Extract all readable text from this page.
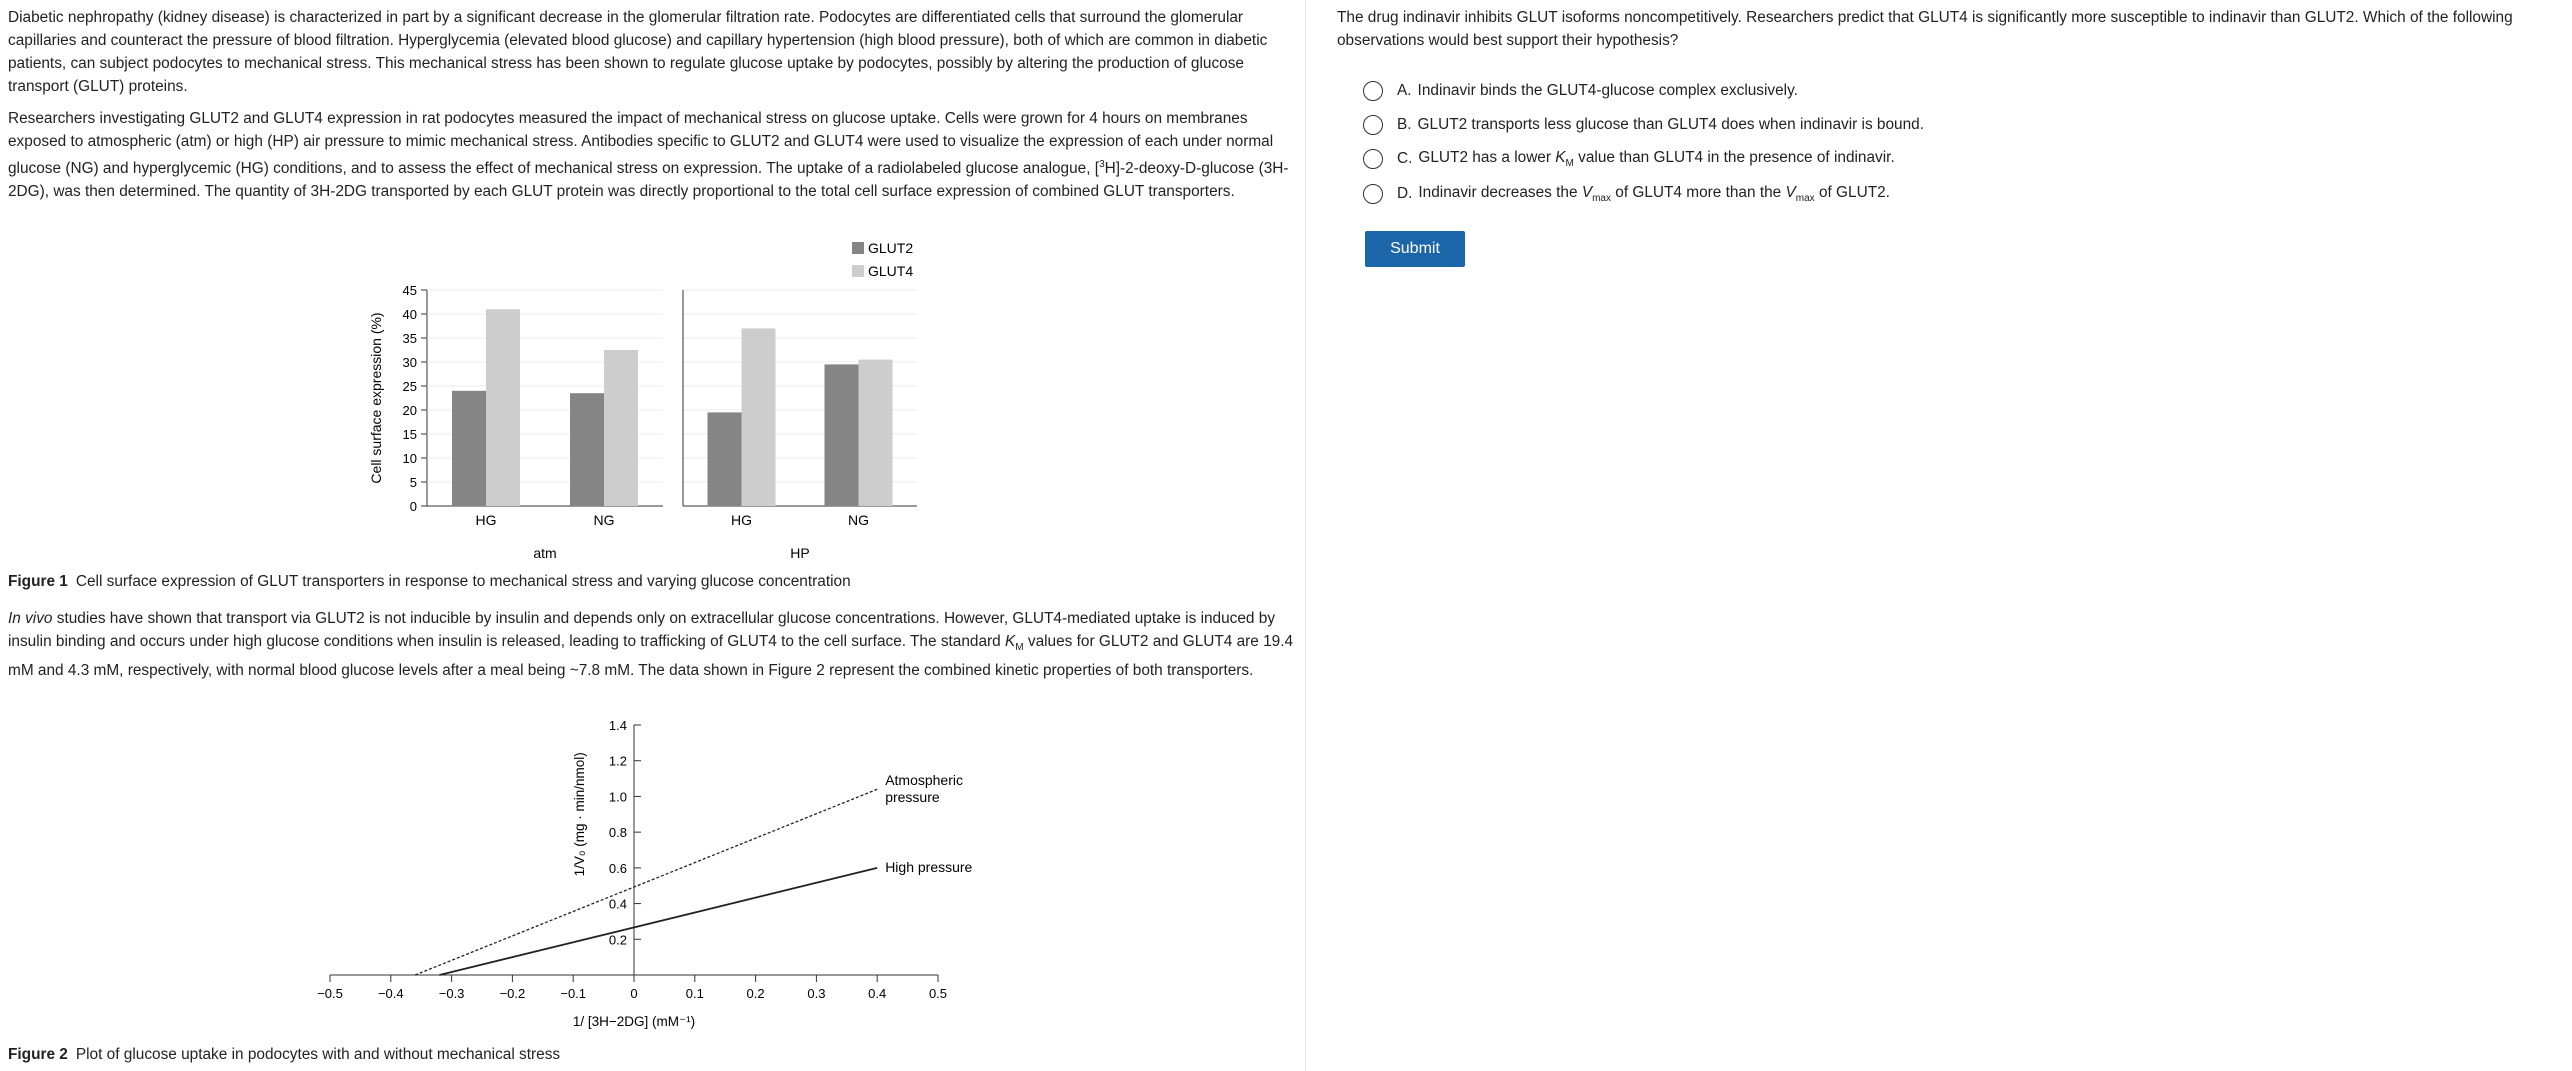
Diabetic nephropathy (kidney disease) is characterized in part by a significant decrease in the glomerular filtration rate. Podocytes are differentiated cells that surround the glomerular capillaries and counteract the pressure of blood filtration. Hyperglycemia (elevated blood glucose) and capillary hypertension (high blood pressure), both of which are common in diabetic patients, can subject podocytes to mechanical stress. This mechanical stress has been shown to regulate glucose uptake by podocytes, possibly by altering the production of glucose transport (GLUT) proteins.

Researchers investigating GLUT2 and GLUT4 expression in rat podocytes measured the impact of mechanical stress on glucose uptake. Cells were grown for 4 hours on membranes exposed to atmospheric (atm) or high (HP) air pressure to mimic mechanical stress. Antibodies specific to GLUT2 and GLUT4 were used to visualize the expression of each under normal glucose (NG) and hyperglycemic (HG) conditions, and to assess the effect of mechanical stress on expression. The uptake of a radiolabeled glucose analogue, [$^3$H]-2-deoxy-D-glucose (3H-2DG), was then determined. The quantity of 3H-2DG transported by each GLUT protein was directly proportional to the total cell surface expression of combined GLUT transporters.

Cell surface expression (%)
0
5
10
15
20
25
30
35
40
45
HG	NG
atm
HG	NG
HP
GLUT2
GLUT4

Figure 1 Cell surface expression of GLUT transporters in response to mechanical stress and varying glucose concentration

In vivo studies have shown that transport via GLUT2 is not inducible by insulin and depends only on extracellular glucose concentrations. However, GLUT4-mediated uptake is induced by insulin binding and occurs under high glucose conditions when insulin is released, leading to trafficking of GLUT4 to the cell surface. The standard $K_M$ values for GLUT2 and GLUT4 are 19.4 mM and 4.3 mM, respectively, with normal blood glucose levels after a meal being ~7.8 mM. The data shown in Figure 2 represent the combined kinetic properties of both transporters.

−0.5	−0.4	−0.3	−0.2	−0.1	0	0.1	0.2	0.3	0.4	0.5
1/ [3H−2DG] (mM⁻¹)
0.2
0.4
0.6
0.8
1.0
1.2
1.4
1/V₀ (mg · min/nmol)	Atmospheric
pressure
High pressure

Figure 2 Plot of glucose uptake in podocytes with and without mechanical stress

The drug indinavir inhibits GLUT isoforms noncompetitively. Researchers predict that GLUT4 is significantly more susceptible to indinavir than GLUT2. Which of the following observations would best support their hypothesis?

A. Indinavir binds the GLUT4-glucose complex exclusively.
B. GLUT2 transports less glucose than GLUT4 does when indinavir is bound.
C. GLUT2 has a lower $K_M$ value than GLUT4 in the presence of indinavir.
D. Indinavir decreases the $V_{max}$ of GLUT4 more than the $V_{max}$ of GLUT2.
Submit
